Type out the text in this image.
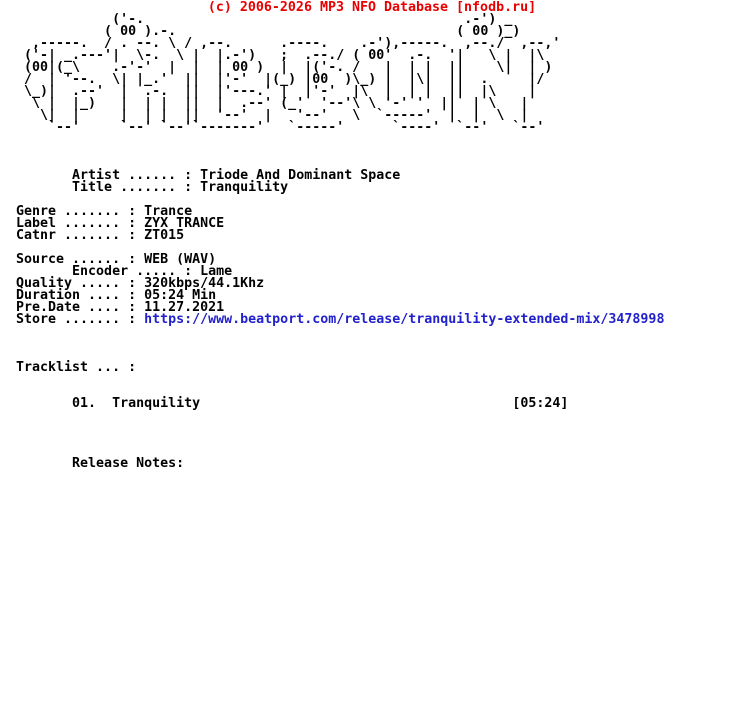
(c) 2006-2026 MP3 NFO Database [nfodb.ru]
('-.                                        .-') _
( 00 ).-.                                   ( 00 )_)
,-----.  / . --. \ / ,--.      .----.    .-'),-----.  ,--./  ,--,'
('-| _.---'|  \-.  \ |  |.-')   ;  .--./ ( 00'  .-.  '|   \ |  |\
(00|(_\    .-'-'  |  |  | 00 )  |  |('-. /   |  | |  ||    \|  | )
/  | '--.  \| |_.'  ||  |'-'  |(_) |00  )\_) |  |\|  ||  .     |/
\_)|  .--'  |  .-.  ||  |'---.' |  |'-'  |\  |  | |  ||  |\    |
\ |  |_)   |  | |  ||  |  .--' (_'  '--'\ \ '-' '  ||  | \   |
\|  |     |  | |  ||  '--'  |   '--'   \  `-----'  |  |  \  |
`--'     `--' `--'`-------'   `-----'      `----'  `--'   `--'
Artist ...... : Triode And Dominant Space
Title ....... : Tranquility
Genre ....... : Trance
Label ....... : ZYX TRANCE
Catnr ....... : ZT015
Source ...... : WEB (WAV)
Encoder ..... : Lame
Quality ..... : 320kbps/44.1Khz
Duration .... : 05:24 Min
Pre.Date .... : 11.27.2021
Store ....... : https://www.beatport.com/release/tranquility-extended-mix/3478998
Tracklist ... :
01.  Tranquility                                       [05:24]
Release Notes:
